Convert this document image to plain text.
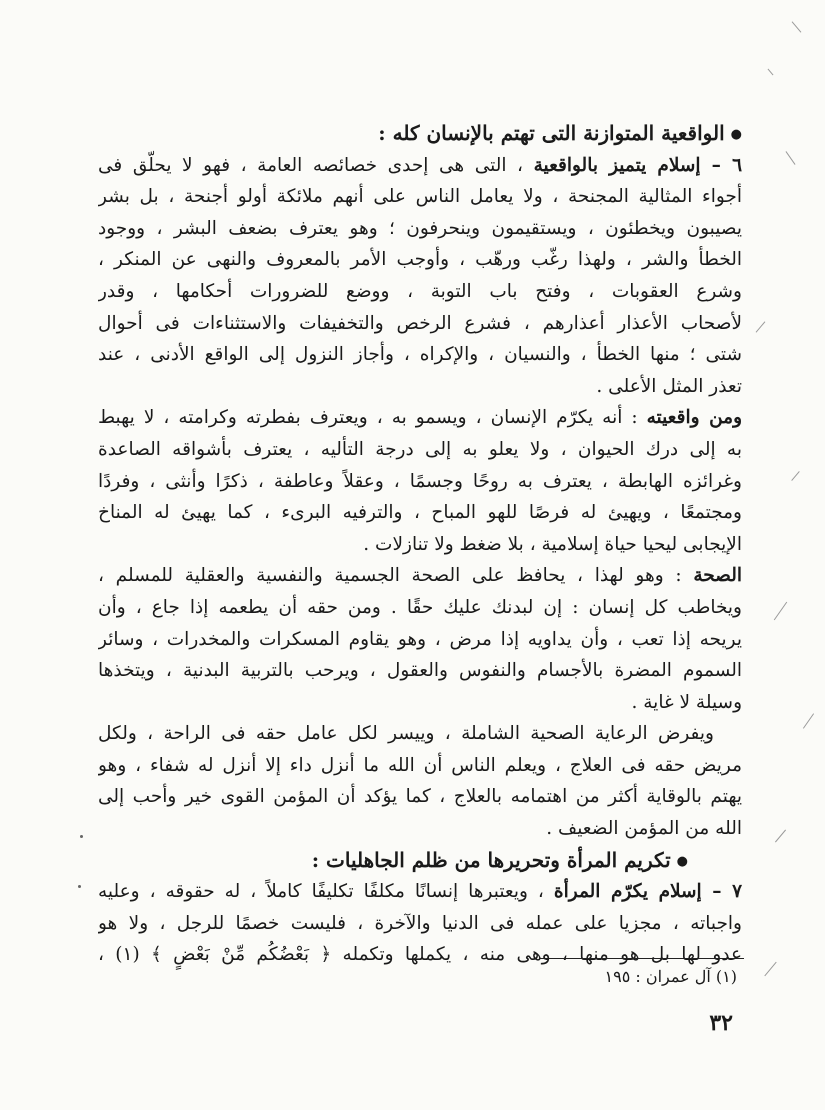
● الواقعية المتوازنة التى تهتم بالإنسان كله :
٦ – إسلام يتميز بالواقعية ، التى هى إحدى خصائصه العامة ، فهو لا يحلّق فى
أجواء المثالية المجنحة ، ولا يعامل الناس على أنهم ملائكة أولو أجنحة ، بل بشر
يصيبون ويخطئون ، ويستقيمون وينحرفون ؛ وهو يعترف بضعف البشر ، ووجود
الخطأ والشر ، ولهذا رغّب ورهّب ، وأوجب الأمر بالمعروف والنهى عن المنكر ،
وشرع العقوبات ، وفتح باب التوبة ، ووضع للضرورات أحكامها ، وقدر
لأصحاب الأعذار أعذارهم ، فشرع الرخص والتخفيفات والاستثناءات فى أحوال
شتى ؛ منها الخطأ ، والنسيان ، والإكراه ، وأجاز النزول إلى الواقع الأدنى ، عند
تعذر المثل الأعلى .
ومن واقعيته : أنه يكرّم الإنسان ، ويسمو به ، ويعترف بفطرته وكرامته ، لا يهبط
به إلى درك الحيوان ، ولا يعلو به إلى درجة التأليه ، يعترف بأشواقه الصاعدة
وغرائزه الهابطة ، يعترف به روحًا وجسمًا ، وعقلاً وعاطفة ، ذكرًا وأنثى ، وفردًا
ومجتمعًا ، ويهيئ له فرصًا للهو المباح ، والترفيه البرىء ، كما يهيئ له المناخ
الإيجابى ليحيا حياة إسلامية ، بلا ضغط ولا تنازلات .
الصحة : وهو لهذا ، يحافظ على الصحة الجسمية والنفسية والعقلية للمسلم ،
ويخاطب كل إنسان : إن لبدنك عليك حقًا . ومن حقه أن يطعمه إذا جاع ، وأن
يريحه إذا تعب ، وأن يداويه إذا مرض ، وهو يقاوم المسكرات والمخدرات ، وسائر
السموم المضرة بالأجسام والنفوس والعقول ، ويرحب بالتربية البدنية ، ويتخذها
وسيلة لا غاية .
ويفرض الرعاية الصحية الشاملة ، وييسر لكل عامل حقه فى الراحة ، ولكل
مريض حقه فى العلاج ، ويعلم الناس أن الله ما أنزل داء إلا أنزل له شفاء ، وهو
يهتم بالوقاية أكثر من اهتمامه بالعلاج ، كما يؤكد أن المؤمن القوى خير وأحب إلى
الله من المؤمن الضعيف .
● تكريم المرأة وتحريرها من ظلم الجاهليات :
٧ – إسلام يكرّم المرأة ، ويعتبرها إنسانًا مكلفًا تكليفًا كاملاً ، له حقوقه ، وعليه
واجباته ، مجزيا على عمله فى الدنيا والآخرة ، فليست خصمًا للرجل ، ولا هو
عدو لها بل هو منها ، وهى منه ، يكملها وتكمله ﴿ بَعْضُكُم مِّنْ بَعْضٍ ﴾ (١) ،
(١) آل عمران : ١٩٥
٣٢
